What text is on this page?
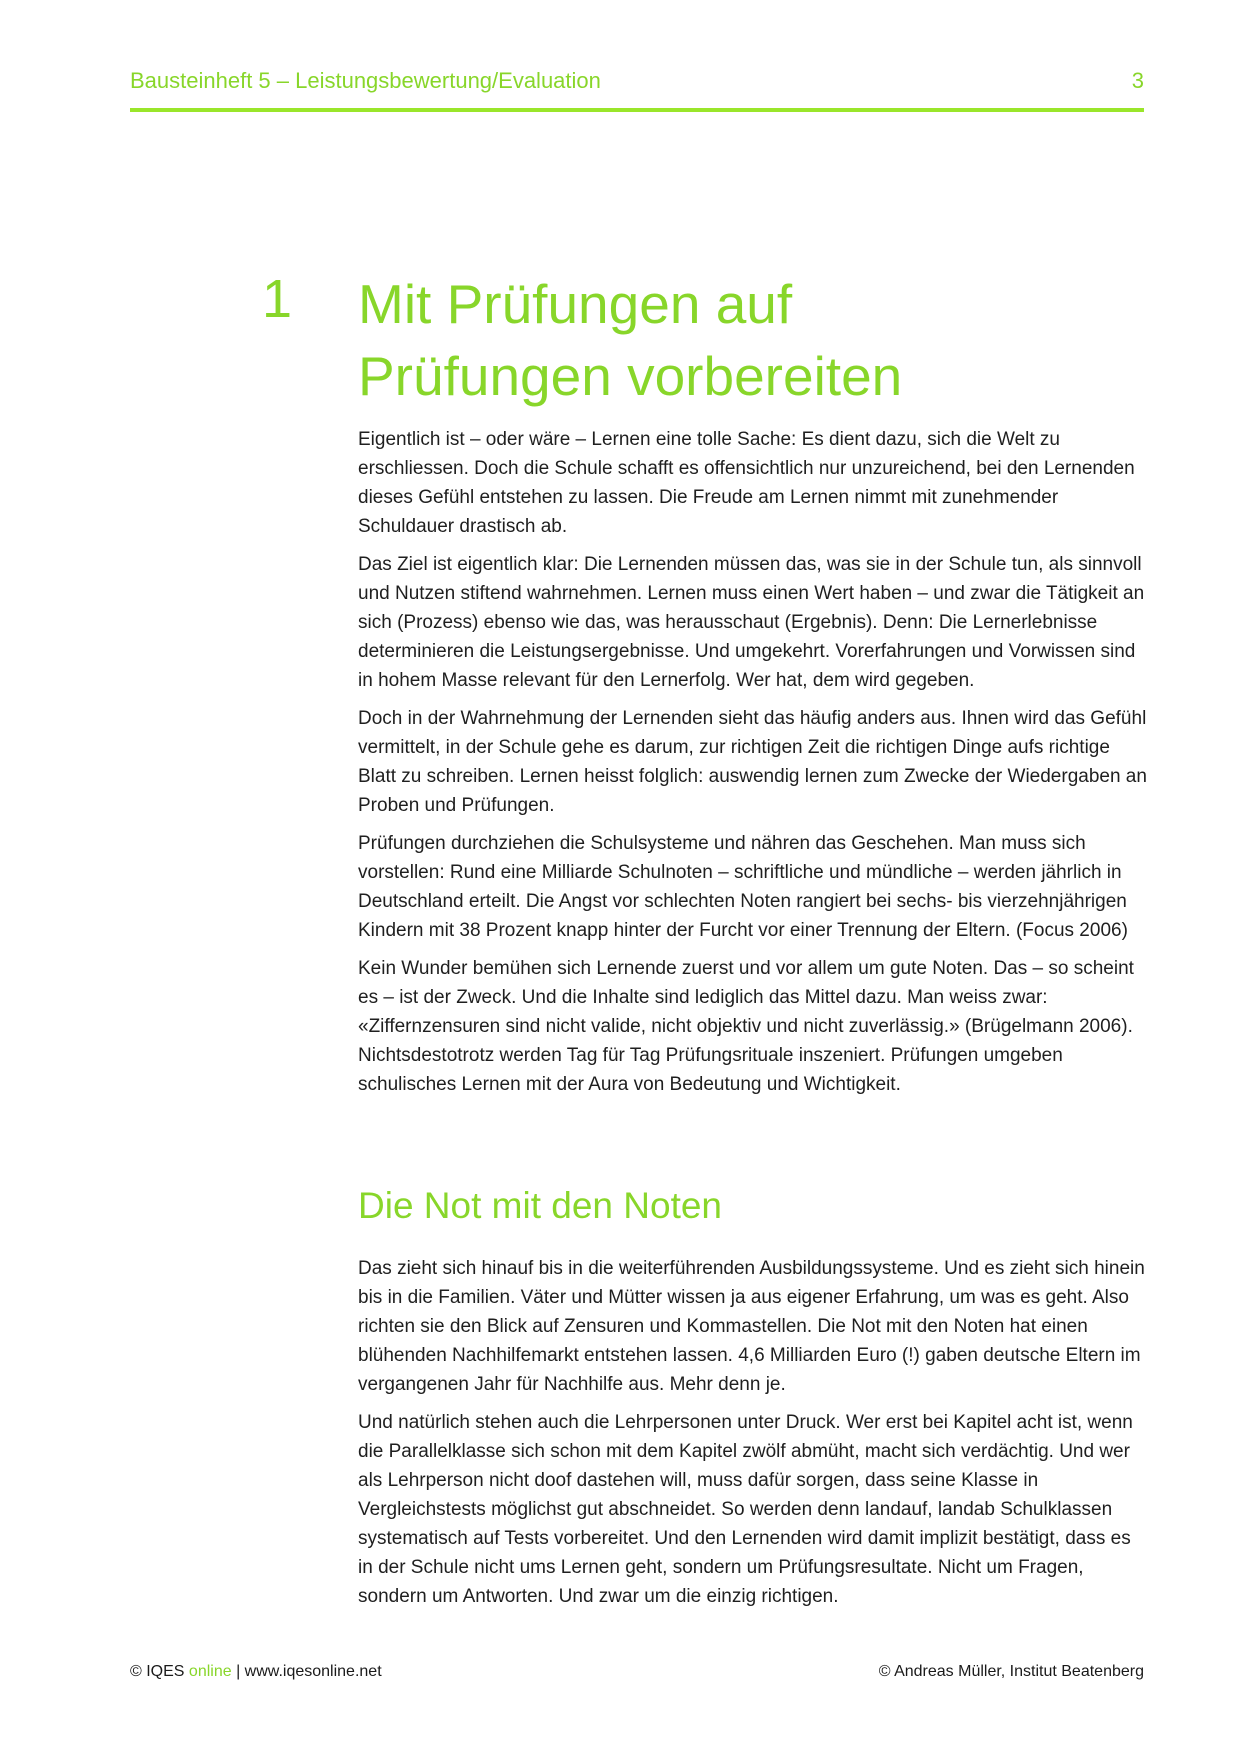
Bausteinheft 5 – Leistungsbewertung/Evaluation	3
1 Mit Prüfungen auf
Prüfungen vorbereiten

Eigentlich ist – oder wäre – Lernen eine tolle Sache: Es dient dazu, sich die Welt zu erschliessen. Doch die Schule schafft es offensichtlich nur unzureichend, bei den Lernenden dieses Gefühl entstehen zu lassen. Die Freude am Lernen nimmt mit zunehmender Schuldauer drastisch ab.

Das Ziel ist eigentlich klar: Die Lernenden müssen das, was sie in der Schule tun, als sinnvoll und Nutzen stiftend wahrnehmen. Lernen muss einen Wert haben – und zwar die Tätigkeit an sich (Prozess) ebenso wie das, was herausschaut (Ergebnis). Denn: Die Lernerlebnisse determinieren die Leistungsergebnisse. Und umgekehrt. Vorerfahrungen und Vorwissen sind in hohem Masse relevant für den Lernerfolg. Wer hat, dem wird gegeben.

Doch in der Wahrnehmung der Lernenden sieht das häufig anders aus. Ihnen wird das Gefühl vermittelt, in der Schule gehe es darum, zur richtigen Zeit die richtigen Dinge aufs richtige Blatt zu schreiben. Lernen heisst folglich: auswendig lernen zum Zwecke der Wiedergaben an Proben und Prüfungen.

Prüfungen durchziehen die Schulsysteme und nähren das Geschehen. Man muss sich vorstellen: Rund eine Milliarde Schulnoten – schriftliche und mündliche – werden jährlich in Deutschland erteilt. Die Angst vor schlechten Noten rangiert bei sechs- bis vierzehnjährigen Kindern mit 38 Prozent knapp hinter der Furcht vor einer Trennung der Eltern. (Focus 2006)

Kein Wunder bemühen sich Lernende zuerst und vor allem um gute Noten. Das – so scheint es – ist der Zweck. Und die Inhalte sind lediglich das Mittel dazu. Man weiss zwar: «Ziffernzensuren sind nicht valide, nicht objektiv und nicht zuverlässig.» (Brügelmann 2006). Nichtsdestotrotz werden Tag für Tag Prüfungsrituale inszeniert. Prüfungen umgeben schulisches Lernen mit der Aura von Bedeutung und Wichtigkeit.

Die Not mit den Noten

Das zieht sich hinauf bis in die weiterführenden Ausbildungssysteme. Und es zieht sich hinein bis in die Familien. Väter und Mütter wissen ja aus eigener Erfahrung, um was es geht. Also richten sie den Blick auf Zensuren und Kommastellen. Die Not mit den Noten hat einen blühenden Nachhilfemarkt entstehen lassen. 4,6 Milliarden Euro (!) gaben deutsche Eltern im vergangenen Jahr für Nachhilfe aus. Mehr denn je.

Und natürlich stehen auch die Lehrpersonen unter Druck. Wer erst bei Kapitel acht ist, wenn die Parallelklasse sich schon mit dem Kapitel zwölf abmüht, macht sich verdächtig. Und wer als Lehrperson nicht doof dastehen will, muss dafür sorgen, dass seine Klasse in Vergleichstests möglichst gut abschneidet. So werden denn landauf, landab Schulklassen systematisch auf Tests vorbereitet. Und den Lernenden wird damit implizit bestätigt, dass es in der Schule nicht ums Lernen geht, sondern um Prüfungsresultate. Nicht um Fragen, sondern um Antworten. Und zwar um die einzig richtigen.

© IQES online | www.iqesonline.net	© Andreas Müller, Institut Beatenberg
